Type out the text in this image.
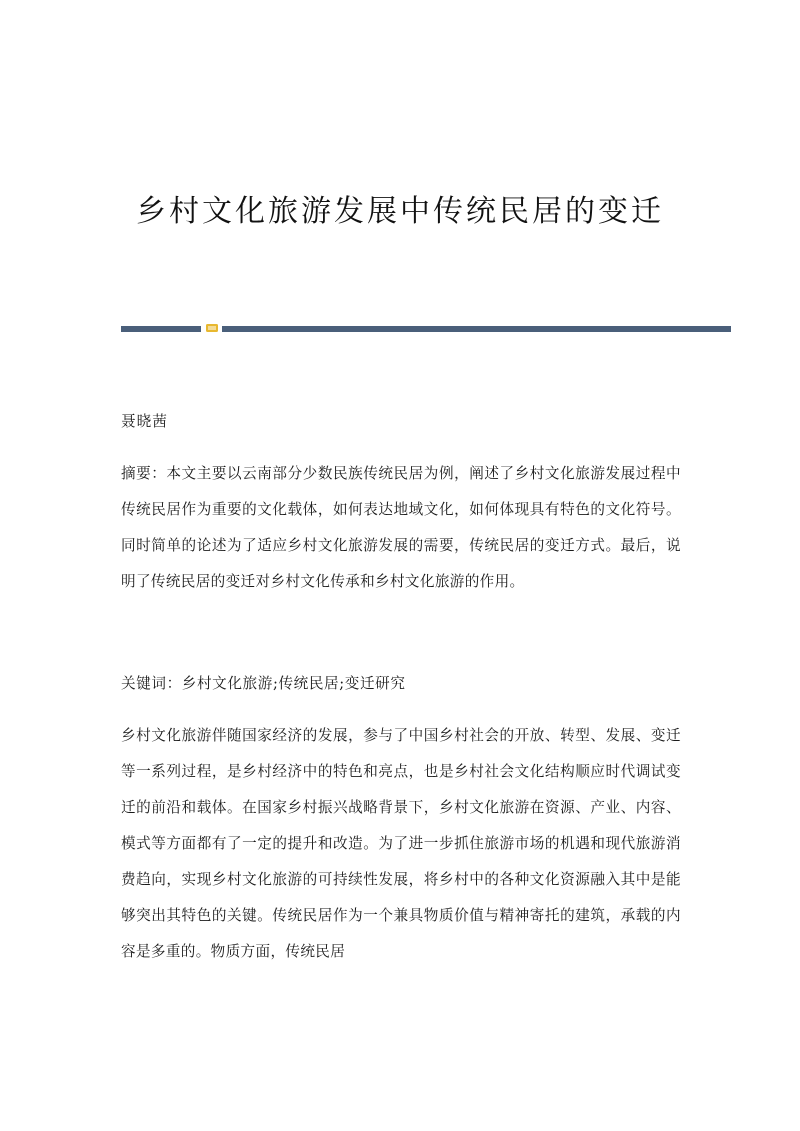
乡村文化旅游发展中传统民居的变迁
聂晓茜
摘要：本文主要以云南部分少数民族传统民居为例，阐述了乡村文化旅游发展过程中传统民居作为重要的文化载体，如何表达地域文化，如何体现具有特色的文化符号。同时简单的论述为了适应乡村文化旅游发展的需要，传统民居的变迁方式。最后，说明了传统民居的变迁对乡村文化传承和乡村文化旅游的作用。
关键词：乡村文化旅游;传统民居;变迁研究
乡村文化旅游伴随国家经济的发展，参与了中国乡村社会的开放、转型、发展、变迁等一系列过程，是乡村经济中的特色和亮点，也是乡村社会文化结构顺应时代调试变迁的前沿和载体。在国家乡村振兴战略背景下，乡村文化旅游在资源、产业、内容、模式等方面都有了一定的提升和改造。为了进一步抓住旅游市场的机遇和现代旅游消费趋向，实现乡村文化旅游的可持续性发展，将乡村中的各种文化资源融入其中是能够突出其特色的关键。传统民居作为一个兼具物质价值与精神寄托的建筑，承载的内容是多重的。物质方面，传统民居
